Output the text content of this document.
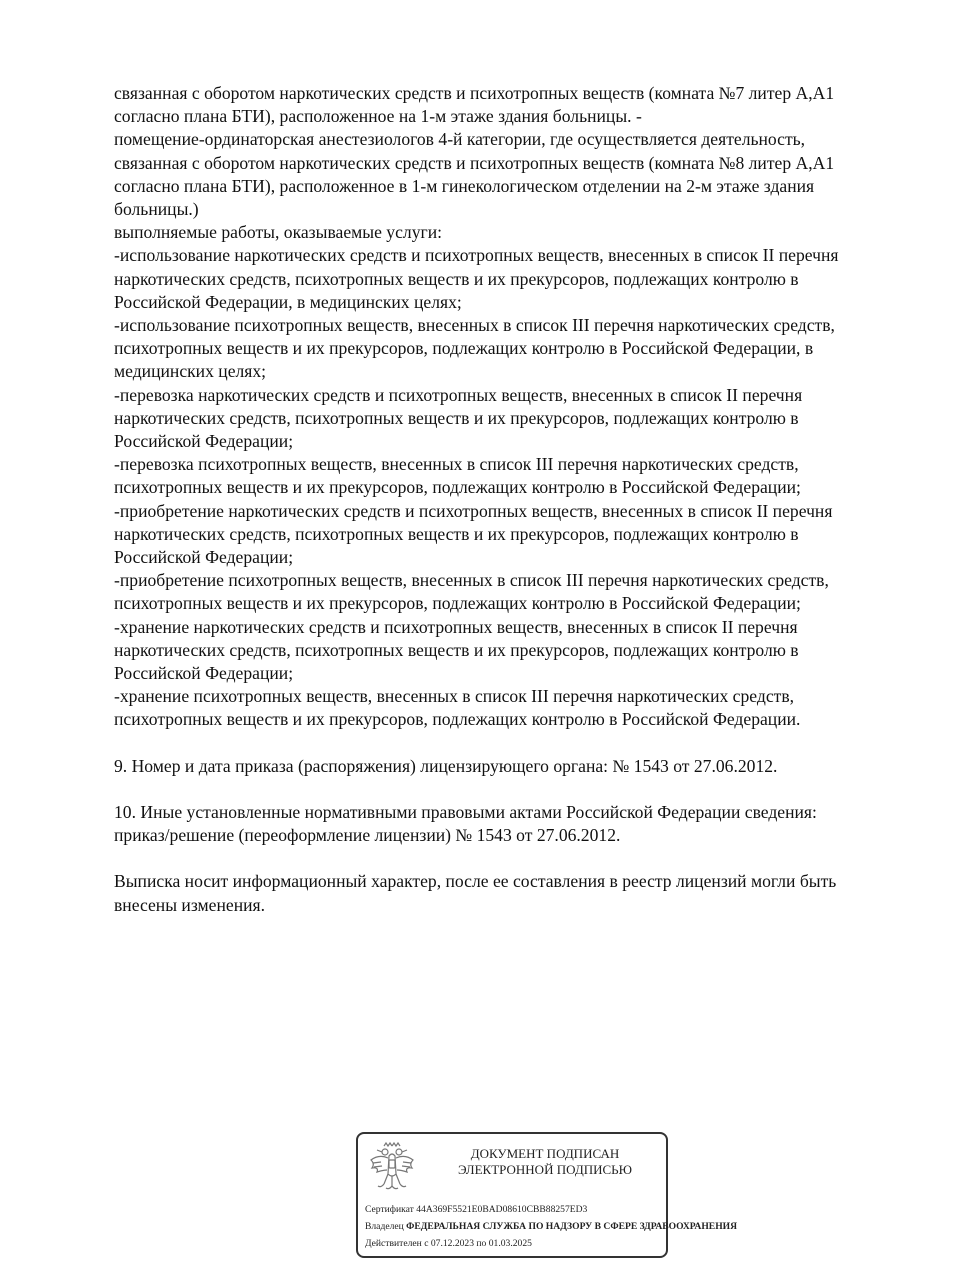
связанная с оборотом наркотических средств и психотропных веществ (комната №7 литер А,А1
согласно плана БТИ), расположенное на 1-м этаже здания больницы. -
помещение-ординаторская анестезиологов 4-й категории, где осуществляется деятельность,
связанная с оборотом наркотических средств и психотропных веществ (комната №8 литер А,А1
согласно плана БТИ), расположенное в 1-м гинекологическом отделении на 2-м этаже здания
больницы.)
выполняемые работы, оказываемые услуги:
-использование наркотических средств и психотропных веществ, внесенных в список II перечня
наркотических средств, психотропных веществ и их прекурсоров, подлежащих контролю в
Российской Федерации, в медицинских целях;
-использование психотропных веществ, внесенных в список III перечня наркотических средств,
психотропных веществ и их прекурсоров, подлежащих контролю в Российской Федерации, в
медицинских целях;
-перевозка наркотических средств и психотропных веществ, внесенных в список II перечня
наркотических средств, психотропных веществ и их прекурсоров, подлежащих контролю в
Российской Федерации;
-перевозка психотропных веществ, внесенных в список III перечня наркотических средств,
психотропных веществ и их прекурсоров, подлежащих контролю в Российской Федерации;
-приобретение наркотических средств и психотропных веществ, внесенных в список II перечня
наркотических средств, психотропных веществ и их прекурсоров, подлежащих контролю в
Российской Федерации;
-приобретение психотропных веществ, внесенных в список III перечня наркотических средств,
психотропных веществ и их прекурсоров, подлежащих контролю в Российской Федерации;
-хранение наркотических средств и психотропных веществ, внесенных в список II перечня
наркотических средств, психотропных веществ и их прекурсоров, подлежащих контролю в
Российской Федерации;
-хранение психотропных веществ, внесенных в список III перечня наркотических средств,
психотропных веществ и их прекурсоров, подлежащих контролю в Российской Федерации.
9. Номер и дата приказа (распоряжения) лицензирующего органа: № 1543 от 27.06.2012.
10. Иные установленные нормативными правовыми актами Российской Федерации сведения:
приказ/решение (переоформление лицензии) № 1543 от 27.06.2012.
Выписка носит информационный характер, после ее составления в реестр лицензий могли быть
внесены изменения.
ДОКУМЕНТ ПОДПИСАН
ЭЛЕКТРОННОЙ ПОДПИСЬЮ
Сертификат 44A369F5521E0BAD08610CBB88257ED3
Владелец ФЕДЕРАЛЬНАЯ СЛУЖБА ПО НАДЗОРУ В СФЕРЕ ЗДРАВООХРАНЕНИЯ
Действителен с 07.12.2023 по 01.03.2025
